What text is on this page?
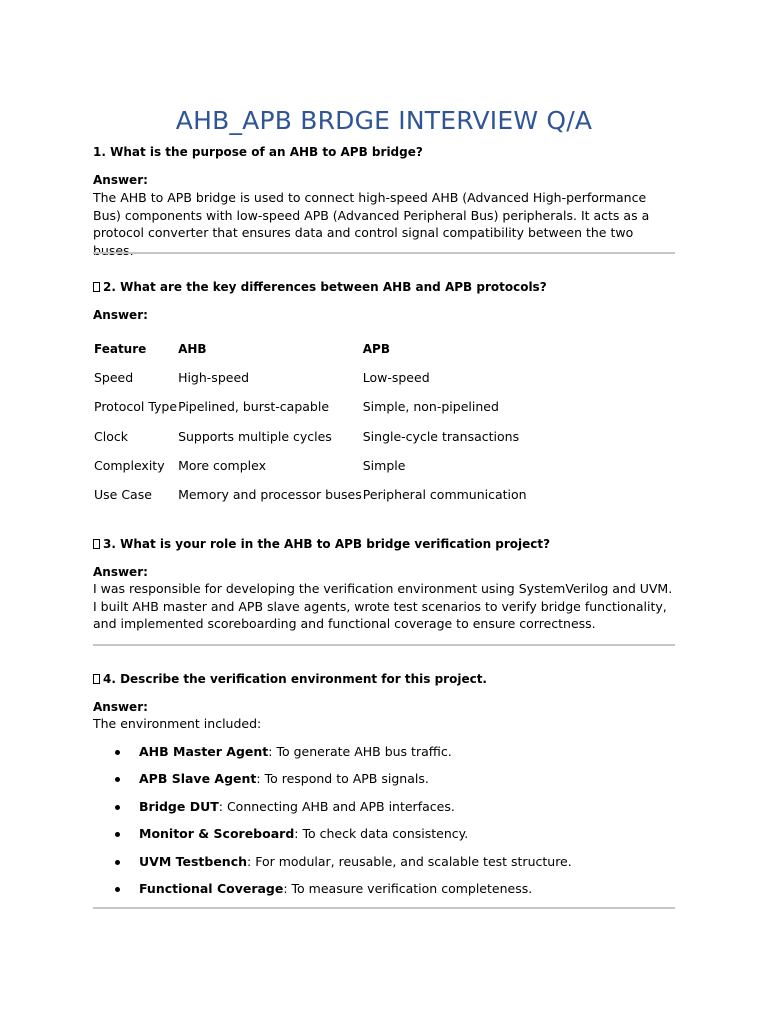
AHB_APB BRDGE INTERVIEW Q/A

1. What is the purpose of an AHB to APB bridge?

Answer:

The AHB to APB bridge is used to connect high-speed AHB (Advanced High-performance Bus) components with low-speed APB (Advanced Peripheral Bus) peripherals. It acts as a protocol converter that ensures data and control signal compatibility between the two buses.

2. What are the key differences between AHB and APB protocols?

Answer:

Feature	AHB	APB
Speed	High-speed	Low-speed
Protocol Type	Pipelined, burst-capable	Simple, non-pipelined
Clock	Supports multiple cycles	Single-cycle transactions
Complexity	More complex	Simple
Use Case	Memory and processor buses	Peripheral communication

3. What is your role in the AHB to APB bridge verification project?

Answer:

I was responsible for developing the verification environment using SystemVerilog and UVM. I built AHB master and APB slave agents, wrote test scenarios to verify bridge functionality, and implemented scoreboarding and functional coverage to ensure correctness.

4. Describe the verification environment for this project.

Answer:

The environment included:

AHB Master Agent: To generate AHB bus traffic.
APB Slave Agent: To respond to APB signals.
Bridge DUT: Connecting AHB and APB interfaces.
Monitor & Scoreboard: To check data consistency.
UVM Testbench: For modular, reusable, and scalable test structure.
Functional Coverage: To measure verification completeness.
